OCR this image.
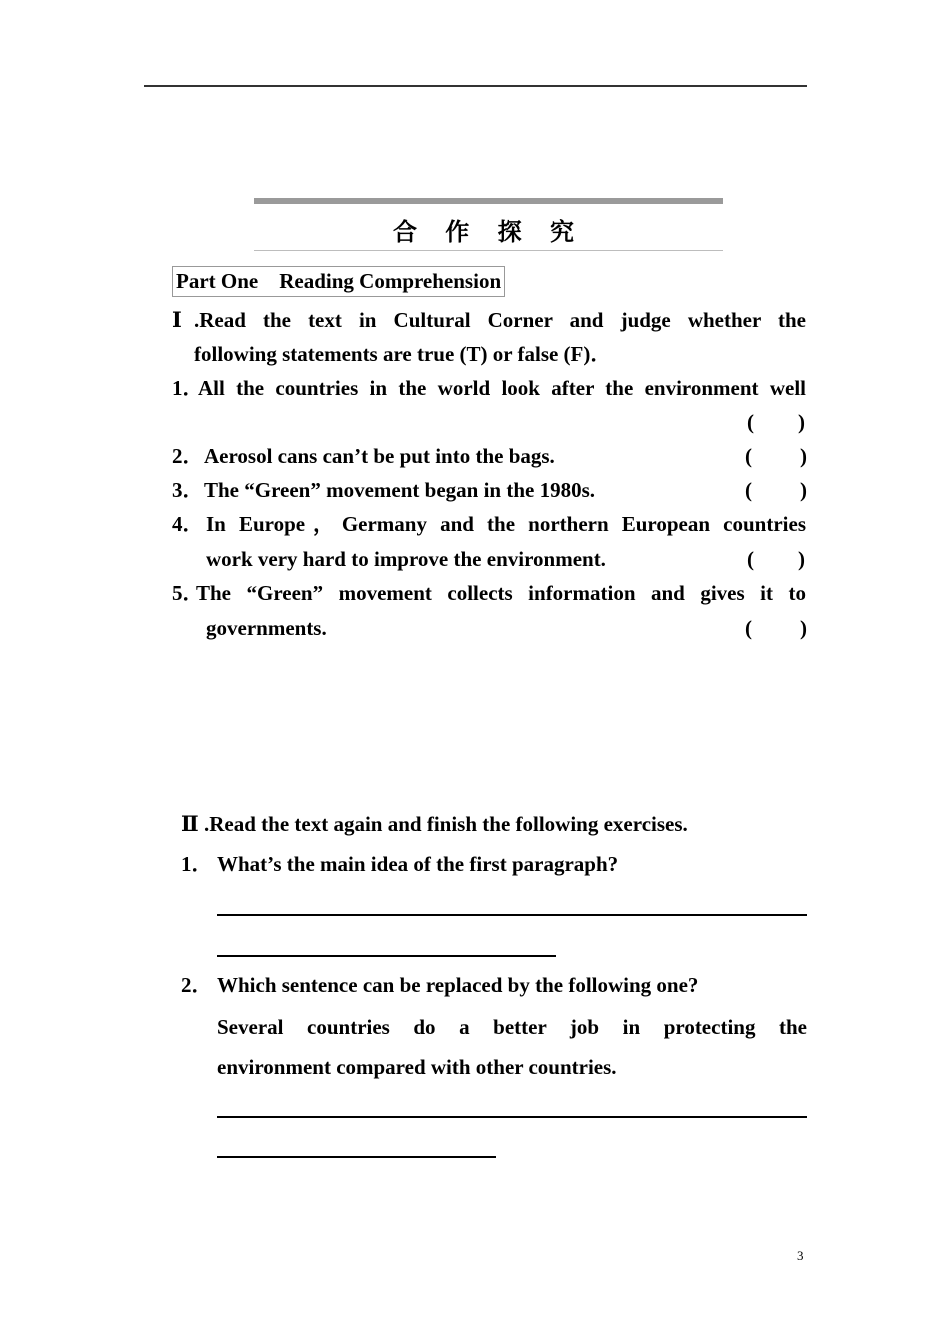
合 作 探 究
Part One    Reading Comprehension
Ⅰ .Read the text in Cultural Corner and judge whether the
following statements are true (T) or false (F)．
1．
All the countries in the world look after the environment well
( )
2． Aerosol cans can’t be put into the bags.	( )
3． The “Green” movement began in the 1980s.	( )
4． In Europe，Germany and the northern European countries
work very hard to improve the environment.	( )
5．
The “Green” movement collects information and gives it to
governments.	( )
Ⅱ .Read the text again and finish the following exercises.
1． What’s the main idea of the first paragraph?
2． Which sentence can be replaced by the following one?
Several countries do a better job in protecting the
environment compared with other countries.
3
